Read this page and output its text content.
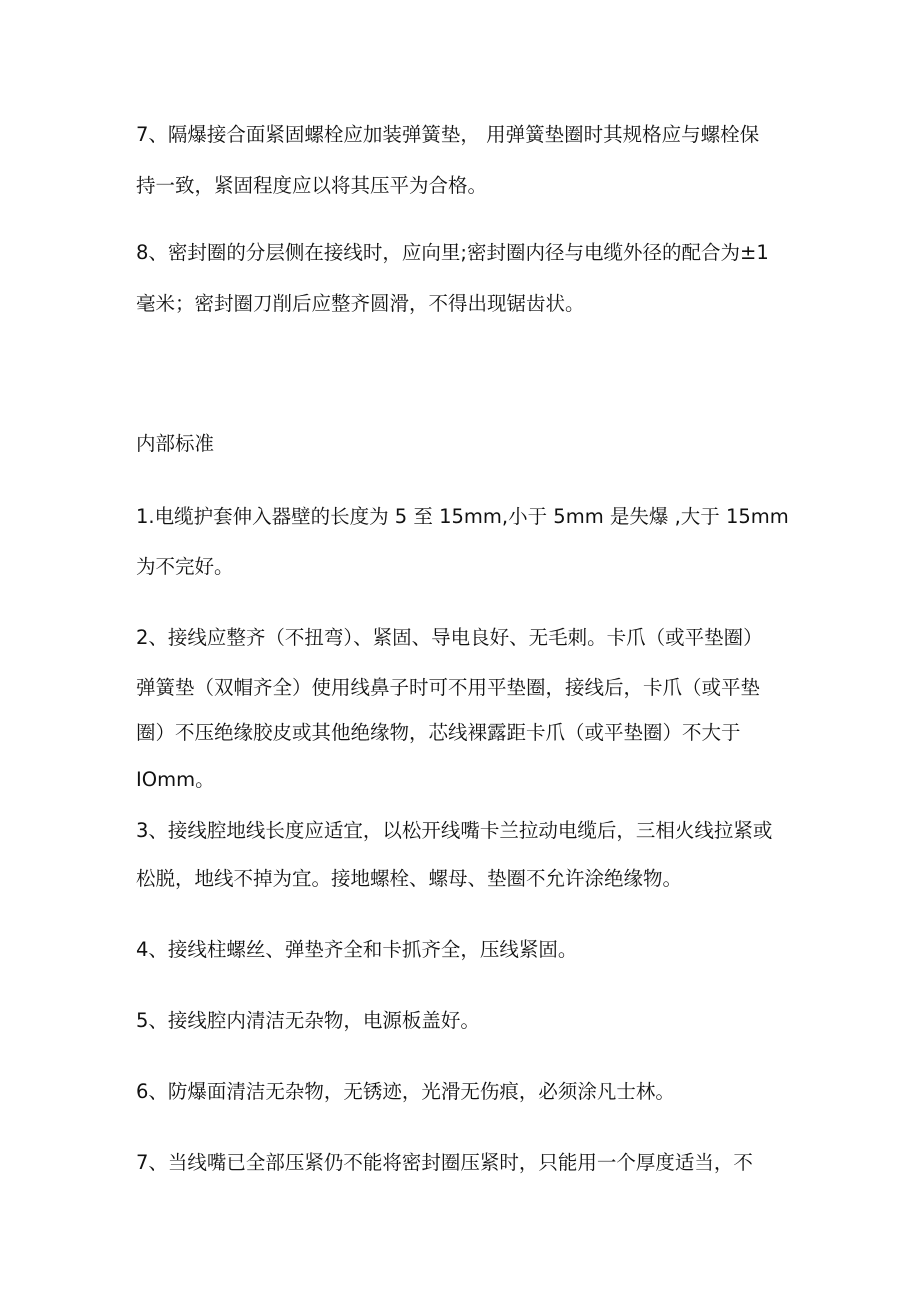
7、隔爆接合面紧固螺栓应加装弹簧垫， 用弹簧垫圈时其规格应与螺栓保
持一致，紧固程度应以将其压平为合格。
8、密封圈的分层侧在接线时，应向里;密封圈内径与电缆外径的配合为±1
毫米；密封圈刀削后应整齐圆滑，不得出现锯齿状。
内部标准
1.电缆护套伸入器壁的长度为 5 至 15mm,小于 5mm 是失爆 ,大于 15mm
为不完好。
2、接线应整齐（不扭弯）、紧固、导电良好、无毛刺。卡爪（或平垫圈）
弹簧垫（双帽齐全）使用线鼻子时可不用平垫圈，接线后，卡爪（或平垫
圈）不压绝缘胶皮或其他绝缘物，芯线裸露距卡爪（或平垫圈）不大于
IOmm。
3、接线腔地线长度应适宜，以松开线嘴卡兰拉动电缆后，三相火线拉紧或
松脱，地线不掉为宜。接地螺栓、螺母、垫圈不允许涂绝缘物。
4、接线柱螺丝、弹垫齐全和卡抓齐全，压线紧固。
5、接线腔内清洁无杂物，电源板盖好。
6、防爆面清洁无杂物，无锈迹，光滑无伤痕，必须涂凡士林。
7、当线嘴已全部压紧仍不能将密封圈压紧时，只能用一个厚度适当，不
